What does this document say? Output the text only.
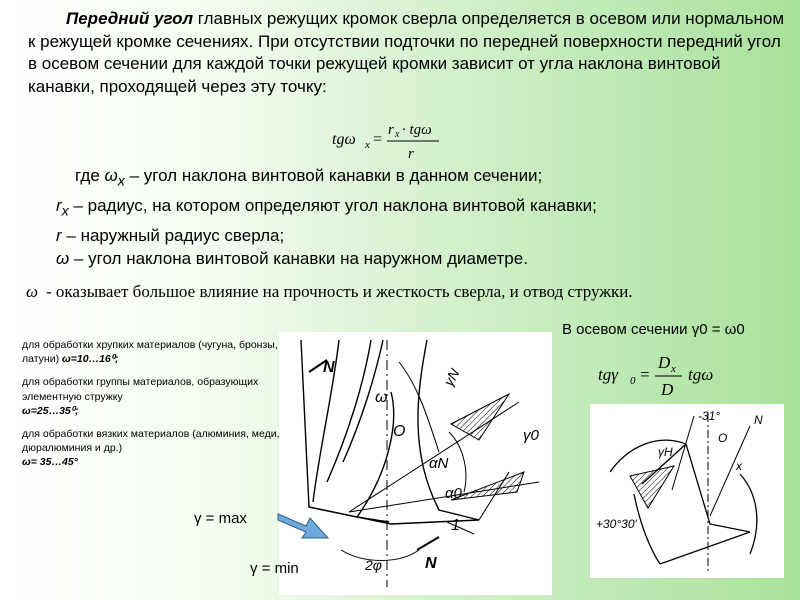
Передний угол главных режущих кромок сверла определяется в осевом или нормальном к режущей кромке сечениях. При отсутствии подточки по передней поверхности передний угол в осевом сечении для каждой точки режущей кромки зависит от угла наклона винтовой канавки, проходящей через эту точку:

tgω x =
r x · tgω
r
где $\omega_x$ – угол наклона винтовой канавки в данном сечении;
$r_x$ – радиус, на котором определяют угол наклона винтовой канавки;
r – наружный радиус сверла;
ω – угол наклона винтовой канавки на наружном диаметре.
ω - оказывает большое влияние на прочность и жесткость сверла, и отвод стружки.

для обработки хрупких материалов (чугуна, бронзы, латуни) ω=10…16⁰;

для обработки группы материалов, образующих элементную стружку
ω=25…35⁰;

для обработки вязких материалов (алюминия, меди, дюралюминия и др.)
ω= 35…45°

N
ω
γN
O	γ0
αN
α0
1
2φ	N
В осевом сечении γ0 = ω0
tgγ 0 =
D x
D
tgω
-31°	N
O
γH
x
+30°30′
γ = max
γ = min
